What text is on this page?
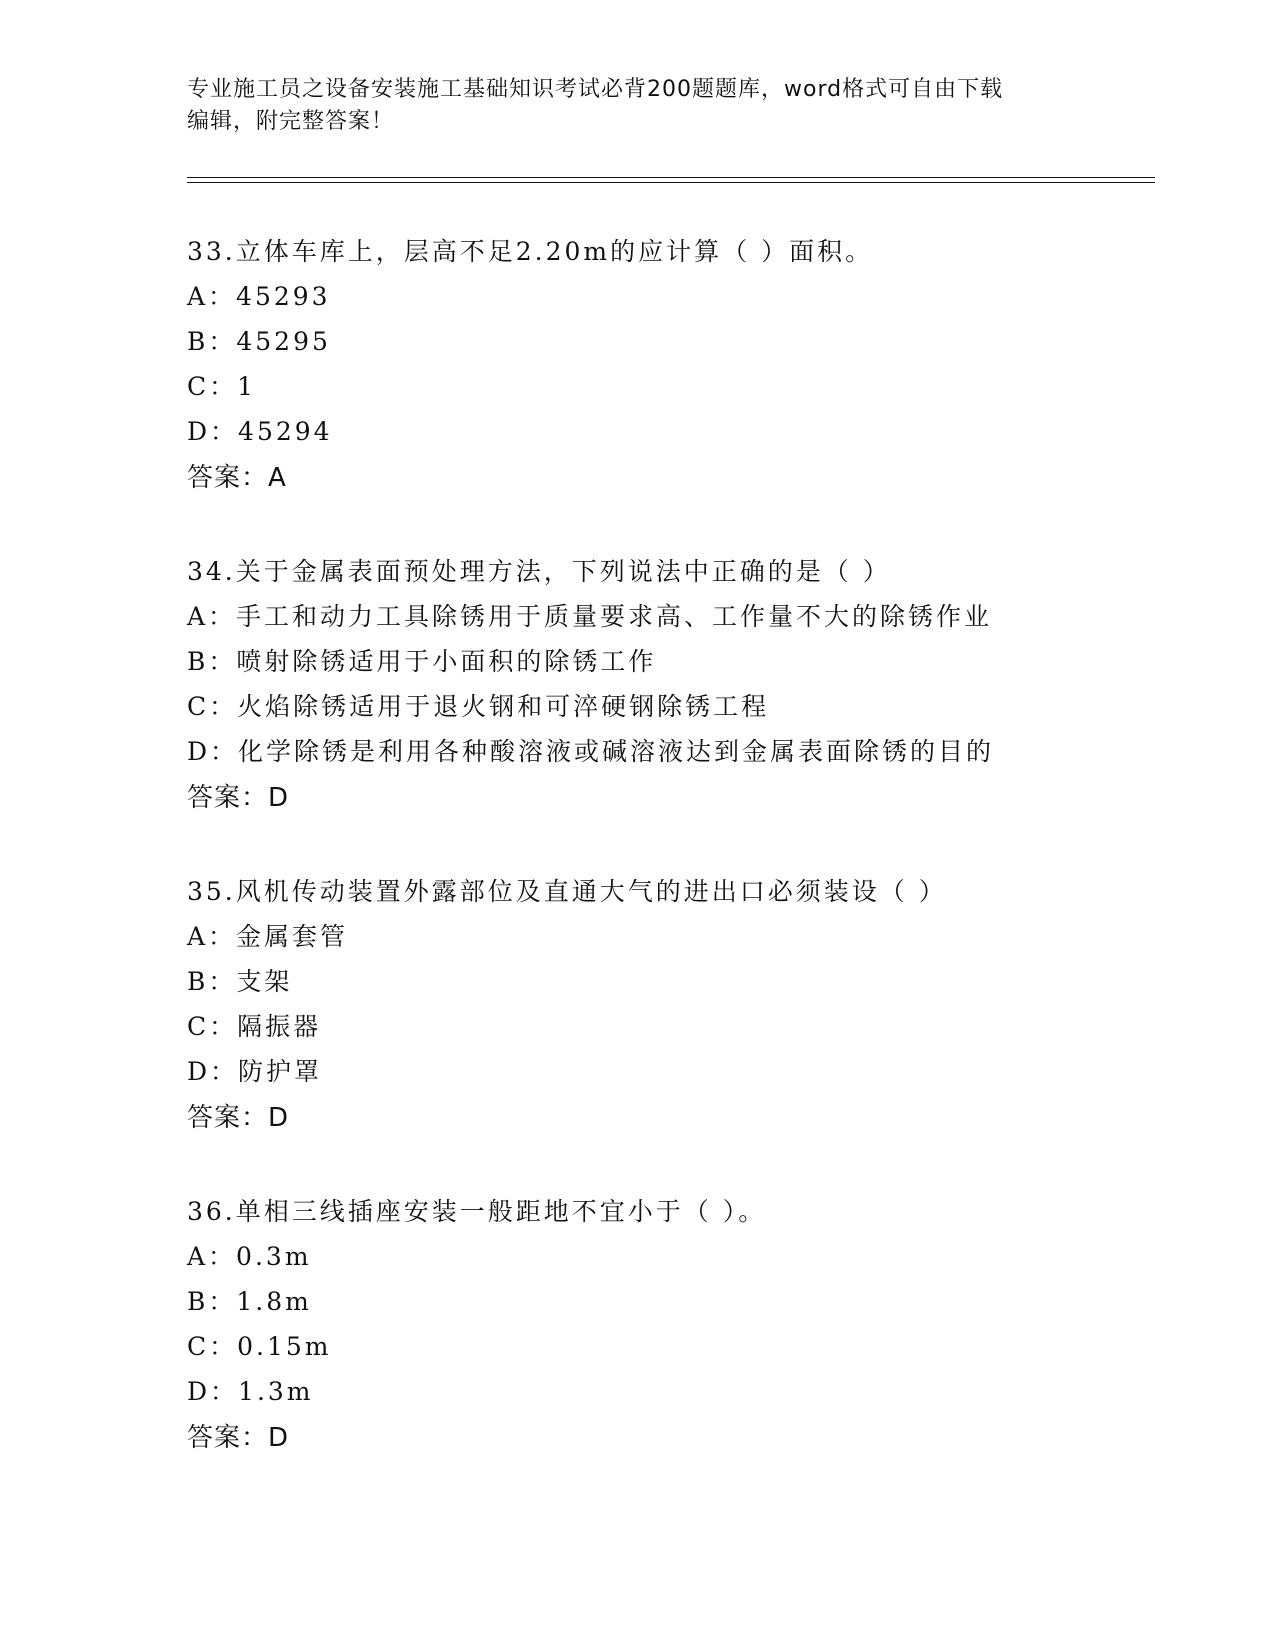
专业施工员之设备安装施工基础知识考试必背200题题库，word格式可自由下载
编辑，附完整答案！
33.立体车库上，层高不足2.20m的应计算（ ）面积。
A：45293
B：45295
C：1
D：45294
答案：A
34.关于金属表面预处理方法，下列说法中正确的是（ ）
A：手工和动力工具除锈用于质量要求高、工作量不大的除锈作业
B：喷射除锈适用于小面积的除锈工作
C：火焰除锈适用于退火钢和可淬硬钢除锈工程
D：化学除锈是利用各种酸溶液或碱溶液达到金属表面除锈的目的
答案：D
35.风机传动装置外露部位及直通大气的进出口必须装设（ ）
A：金属套管
B：支架
C：隔振器
D：防护罩
答案：D
36.单相三线插座安装一般距地不宜小于（ ）。
A：0.3m
B：1.8m
C：0.15m
D：1.3m
答案：D
